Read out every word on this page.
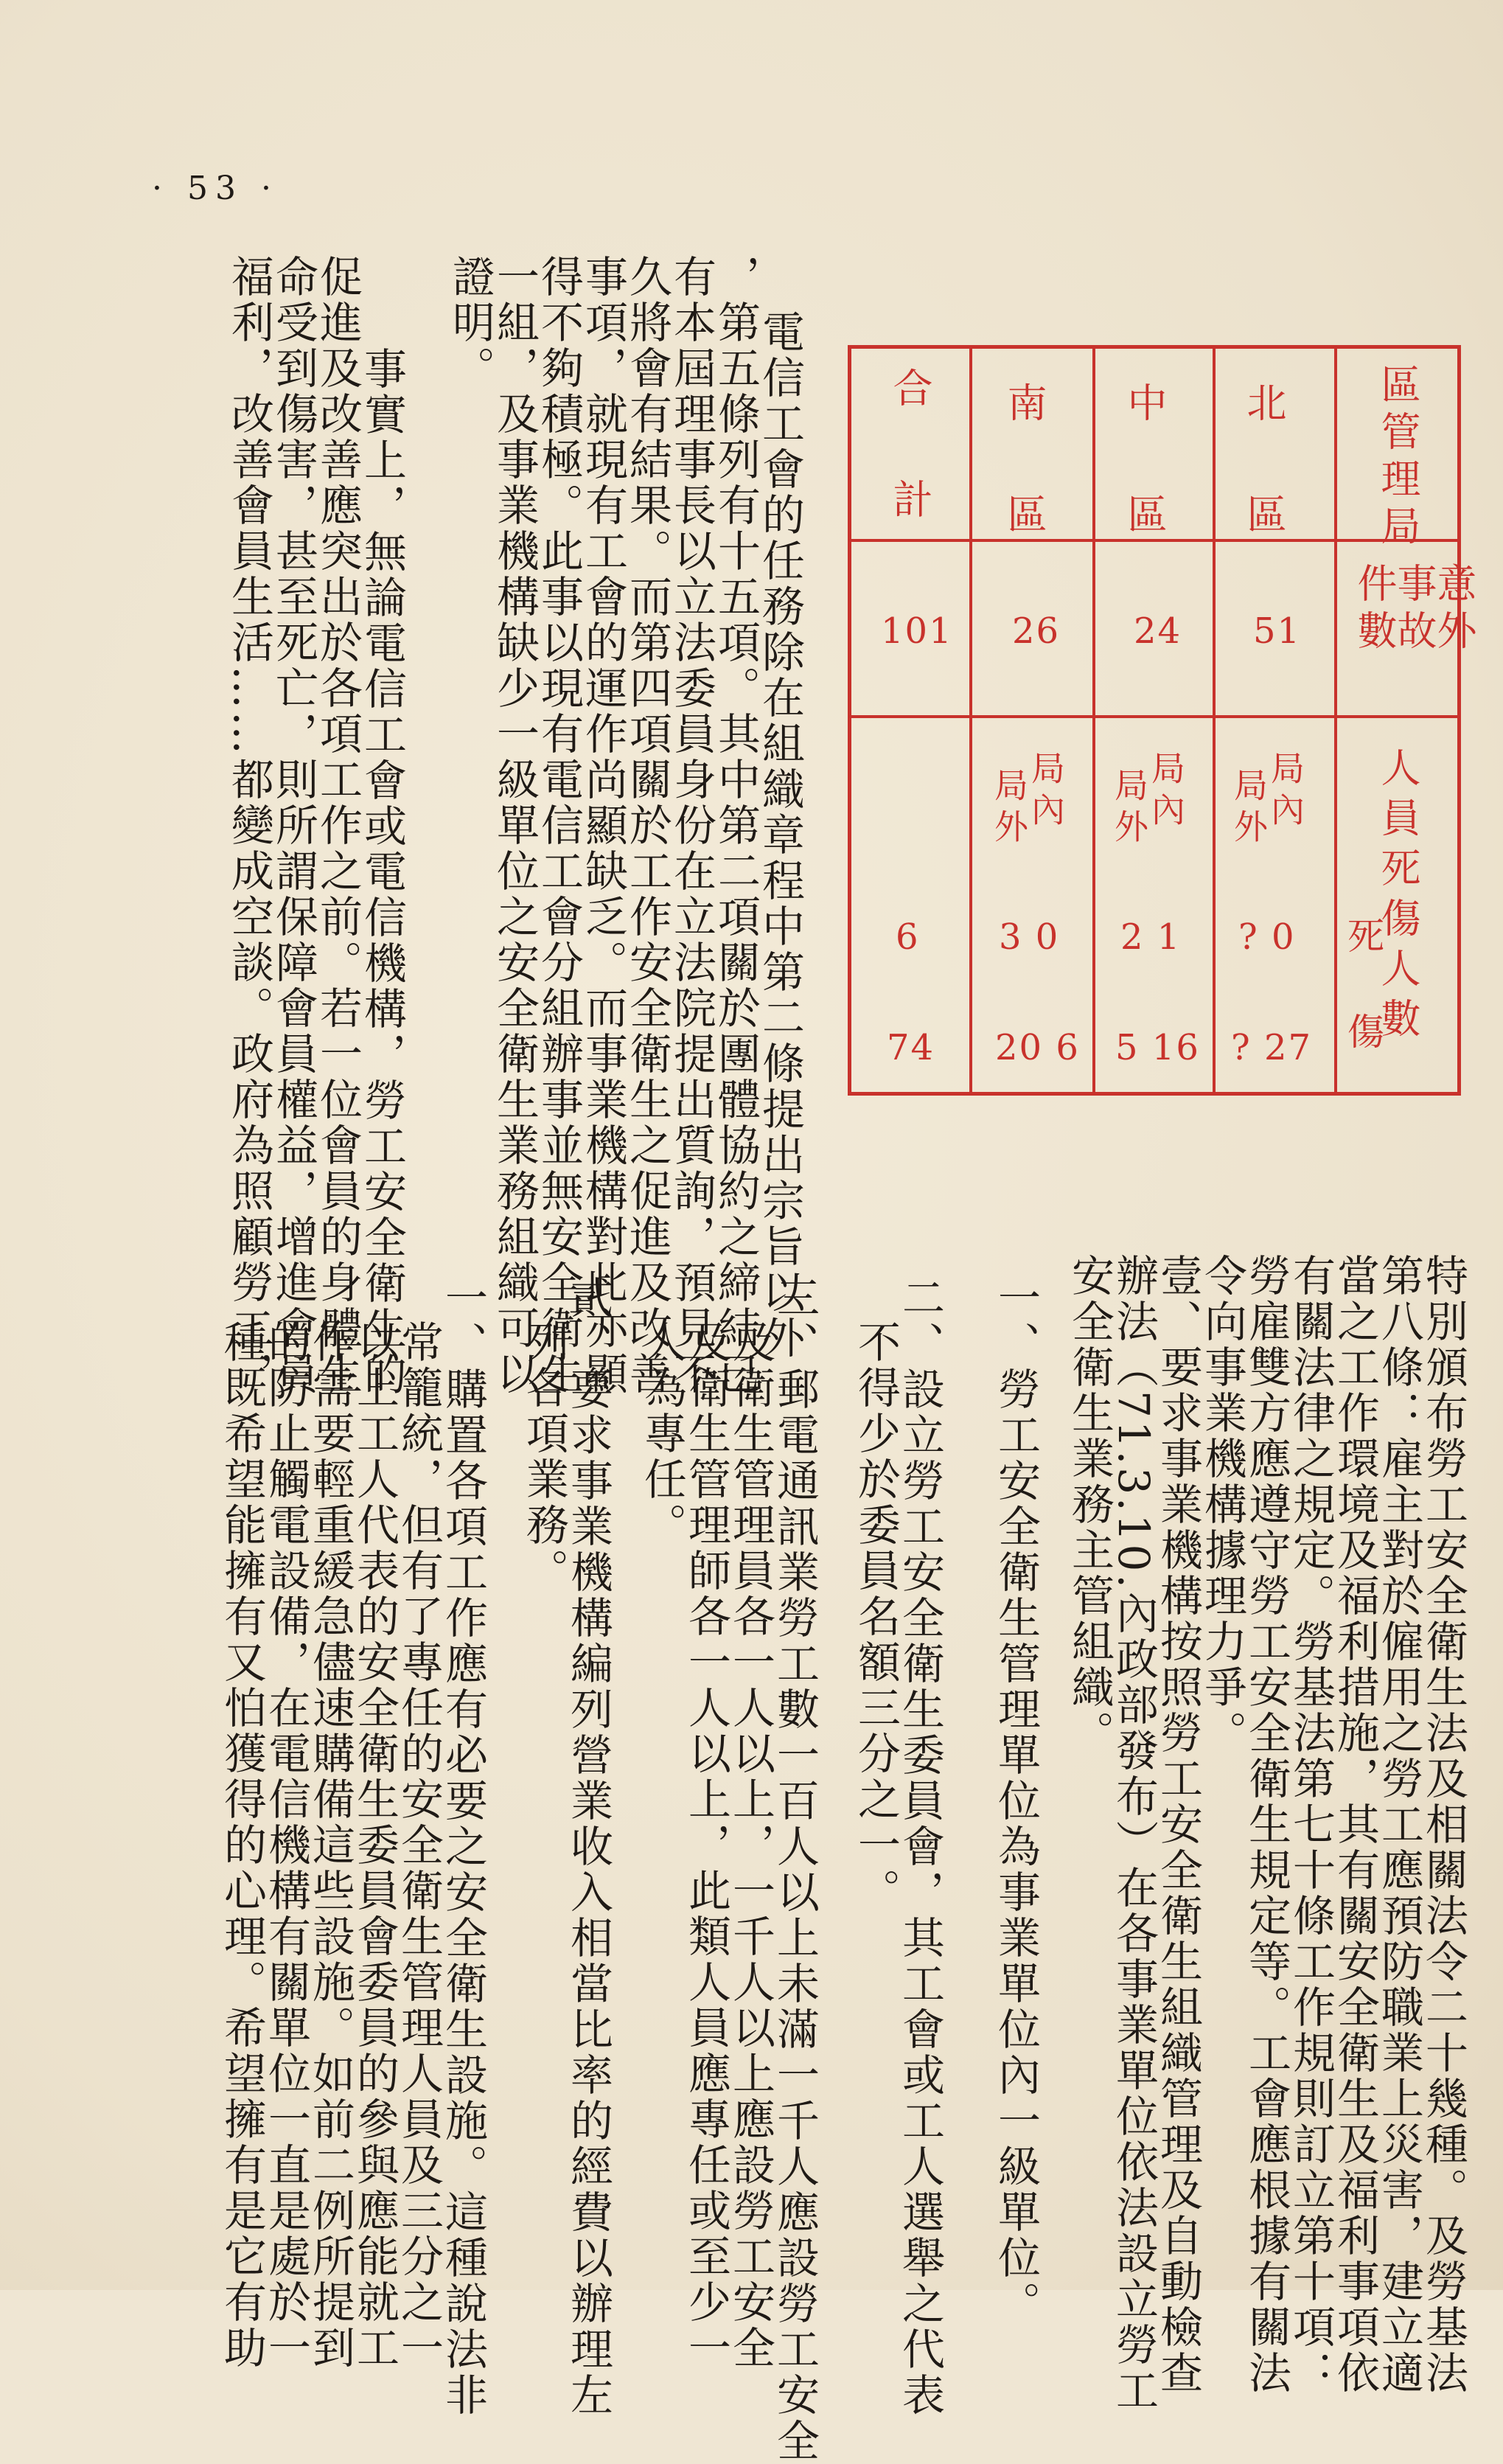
· 53 ·
區管理局
意外事故件數
人員死傷人數
死
傷
北 區
51
局內
局外
? 0
? 27
中 區
24
局內
局外
2 1
5 16
南 區
26
局內
局外
3 0
20 6
合 計
101
6
74
特別頒布勞工安全衛生法及相關法令二十幾種。及勞基法
第八條：雇主對於僱用之勞工應預防職業上災害，建立適
當之工作環境及福利措施，其有關安全衛生及福利事項依
有關法律之規定。勞基法第七十條工作規則訂立第十項：
勞雇雙方應遵守勞工安全衛生規定等。工會應根據有關法
令向事業機構據理力爭。
壹、要求事業機構按照勞工安全衛生組織管理及自動檢查
辦法（71.3.10.內政部發布）在各事業單位依法設立勞工
安全衛生業務主管組織。
一、勞工安全衛生管理單位為事業單位內一級單位。
二、設立勞工安全衛生委員會，其工會或工人選舉之代表
不得少於委員名額三分之一。
三、郵電通訊業勞工數一百人以上未滿一千人應設勞工安全
及衛生管理員各一人以上，一千人以上應設勞工安全
及衛生管理師各一人以上，此類人員應專任或至少一
人為專任。
貳、要求事業機構編列營業收入相當比率的經費以辦理左
列各項業務。
一、購置各項工作應有必要之安全衛生設施。這種說法非
常籠統，但有了專任的安全衛生管理人員及三分之一
以上工人代表的安全衛生委員會委員的參與應能就工
作需要輕重緩急儘速購備這些設施。如前二例所提到
的防止觸電設備，在電信機構有關單位一直是處於一
種既希望能擁有又怕獲得的心理。希望擁有是它有助
電信工會的任務除在組織章程中第二條提出宗旨以外
，第五條列有十五項。其中第二項關於團體協約之締結已
有本屆理事長以立法委員身份在立法院提出質詢，預見不
久將會有結果。而第四項關於工作安全衛生之促進及改善
事項，就現有工會的運作尚顯缺乏。而事業機構對此亦顯
得不夠積極。此事以現有電信工會分組辦事並無安全衛生
一組，及事業機構缺少一級單位之安全衛生業務組織可以
證明。
事實上，無論電信工會或電信機構，勞工安全衛生的
促進及改善應突出於各項工作之前。若一位會員的身體生
命受到傷害，甚至死亡，則所謂保障會員權益，增進會員
福利，改善會員生活……都變成空談。政府為照顧勞工，
